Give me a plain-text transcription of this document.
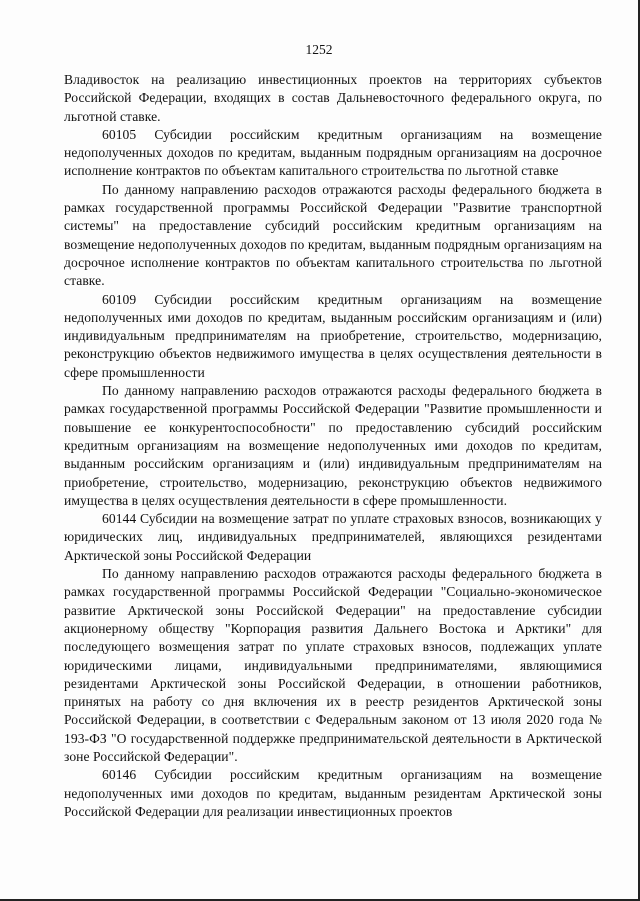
1252

Владивосток на реализацию инвестиционных проектов на территориях субъектов Российской Федерации, входящих в состав Дальневосточного федерального округа, по льготной ставке.

60105 Субсидии российским кредитным организациям на возмещение недополученных доходов по кредитам, выданным подрядным организациям на досрочное исполнение контрактов по объектам капитального строительства по льготной ставке

По данному направлению расходов отражаются расходы федерального бюджета в рамках государственной программы Российской Федерации "Развитие транспортной системы" на предоставление субсидий российским кредитным организациям на возмещение недополученных доходов по кредитам, выданным подрядным организациям на досрочное исполнение контрактов по объектам капитального строительства по льготной ставке.

60109 Субсидии российским кредитным организациям на возмещение недополученных ими доходов по кредитам, выданным российским организациям и (или) индивидуальным предпринимателям на приобретение, строительство, модернизацию, реконструкцию объектов недвижимого имущества в целях осуществления деятельности в сфере промышленности

По данному направлению расходов отражаются расходы федерального бюджета в рамках государственной программы Российской Федерации "Развитие промышленности и повышение ее конкурентоспособности" по предоставлению субсидий российским кредитным организациям на возмещение недополученных ими доходов по кредитам, выданным российским организациям и (или) индивидуальным предпринимателям на приобретение, строительство, модернизацию, реконструкцию объектов недвижимого имущества в целях осуществления деятельности в сфере промышленности.

60144 Субсидии на возмещение затрат по уплате страховых взносов, возникающих у юридических лиц, индивидуальных предпринимателей, являющихся резидентами Арктической зоны Российской Федерации

По данному направлению расходов отражаются расходы федерального бюджета в рамках государственной программы Российской Федерации "Социально-экономическое развитие Арктической зоны Российской Федерации" на предоставление субсидии акционерному обществу "Корпорация развития Дальнего Востока и Арктики" для последующего возмещения затрат по уплате страховых взносов, подлежащих уплате юридическими лицами, индивидуальными предпринимателями, являющимися резидентами Арктической зоны Российской Федерации, в отношении работников, принятых на работу со дня включения их в реестр резидентов Арктической зоны Российской Федерации, в соответствии с Федеральным законом от 13 июля 2020 года № 193-ФЗ "О государственной поддержке предпринимательской деятельности в Арктической зоне Российской Федерации".

60146 Субсидии российским кредитным организациям на возмещение недополученных ими доходов по кредитам, выданным резидентам Арктической зоны Российской Федерации для реализации инвестиционных проектов
